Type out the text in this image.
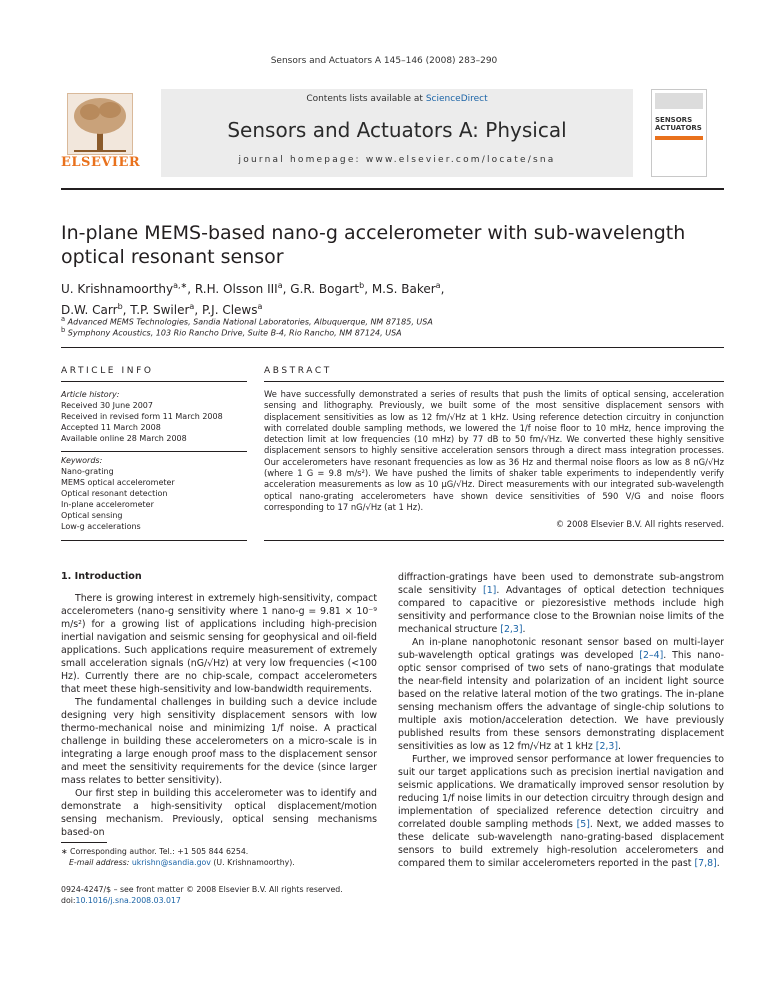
Sensors and Actuators A 145–146 (2008) 283–290
ELSEVIER
Contents lists available at ScienceDirect
Sensors and Actuators A: Physical
journal homepage: www.elsevier.com/locate/sna
SENSORS
ACTUATORS
In-plane MEMS-based nano-g accelerometer with sub-wavelength optical resonant sensor
U. Krishnamoorthy$^{a,∗}$, R.H. Olsson III$^a$, G.R. Bogart$^b$, M.S. Baker$^a$,
D.W. Carr$^b$, T.P. Swiler$^a$, P.J. Clews$^a$
$^a$ Advanced MEMS Technologies, Sandia National Laboratories, Albuquerque, NM 87185, USA
$^b$ Symphony Acoustics, 103 Rio Rancho Drive, Suite B-4, Rio Rancho, NM 87124, USA
ARTICLE INFO	ABSTRACT
Article history:
Received 30 June 2007
Received in revised form 11 March 2008
Accepted 11 March 2008
Available online 28 March 2008
Keywords:
Nano-grating
MEMS optical accelerometer
Optical resonant detection
In-plane accelerometer
Optical sensing
Low-g accelerations
We have successfully demonstrated a series of results that push the limits of optical sensing, acceleration sensing and lithography. Previously, we built some of the most sensitive displacement sensors with displacement sensitivities as low as 12 fm/√Hz at 1 kHz. Using reference detection circuitry in conjunction with correlated double sampling methods, we lowered the 1/f noise floor to 10 mHz, hence improving the detection limit at low frequencies (10 mHz) by 77 dB to 50 fm/√Hz. We converted these highly sensitive displacement sensors to highly sensitive acceleration sensors through a direct mass integration processes. Our accelerometers have resonant frequencies as low as 36 Hz and thermal noise floors as low as 8 nG/√Hz (where 1 G = 9.8 m/s²). We have pushed the limits of shaker table experiments to independently verify acceleration measurements as low as 10 μG/√Hz. Direct measurements with our integrated sub-wavelength optical nano-grating accelerometers have shown device sensitivities of 590 V/G and noise floors corresponding to 17 nG/√Hz (at 1 Hz).
© 2008 Elsevier B.V. All rights reserved.
1. Introduction

There is growing interest in extremely high-sensitivity, compact accelerometers (nano-g sensitivity where 1 nano-g = 9.81 × 10⁻⁹ m/s²) for a growing list of applications including high-precision inertial navigation and seismic sensing for geophysical and oil-field applications. Such applications require measurement of extremely small acceleration signals (nG/√Hz) at very low frequencies (<100 Hz). Currently there are no chip-scale, compact accelerometers that meet these high-sensitivity and low-bandwidth requirements.

The fundamental challenges in building such a device include designing very high sensitivity displacement sensors with low thermo-mechanical noise and minimizing 1/f noise. A practical challenge in building these accelerometers on a micro-scale is in integrating a large enough proof mass to the displacement sensor and meet the sensitivity requirements for the device (since larger mass relates to better sensitivity).

Our first step in building this accelerometer was to identify and demonstrate a high-sensitivity optical displacement/motion sensing mechanism. Previously, optical sensing mechanisms based-on

diffraction-gratings have been used to demonstrate sub-angstrom scale sensitivity [1]. Advantages of optical detection techniques compared to capacitive or piezoresistive methods include high sensitivity and performance close to the Brownian noise limits of the mechanical structure [2,3].

An in-plane nanophotonic resonant sensor based on multi-layer sub-wavelength optical gratings was developed [2–4]. This nano-optic sensor comprised of two sets of nano-gratings that modulate the near-field intensity and polarization of an incident light source based on the relative lateral motion of the two gratings. The in-plane sensing mechanism offers the advantage of single-chip solutions to multiple axis motion/acceleration detection. We have previously published results from these sensors demonstrating displacement sensitivities as low as 12 fm/√Hz at 1 kHz [2,3].

Further, we improved sensor performance at lower frequencies to suit our target applications such as precision inertial navigation and seismic applications. We dramatically improved sensor resolution by reducing 1/f noise limits in our detection circuitry through design and implementation of specialized reference detection circuitry and correlated double sampling methods [5]. Next, we added masses to these delicate sub-wavelength nano-grating-based displacement sensors to build extremely high-resolution accelerometers and compared them to similar accelerometers reported in the past [7,8].

∗ Corresponding author. Tel.: +1 505 844 6254.
E-mail address: ukrishn@sandia.gov (U. Krishnamoorthy).
0924-4247/$ – see front matter © 2008 Elsevier B.V. All rights reserved.
doi:10.1016/j.sna.2008.03.017
